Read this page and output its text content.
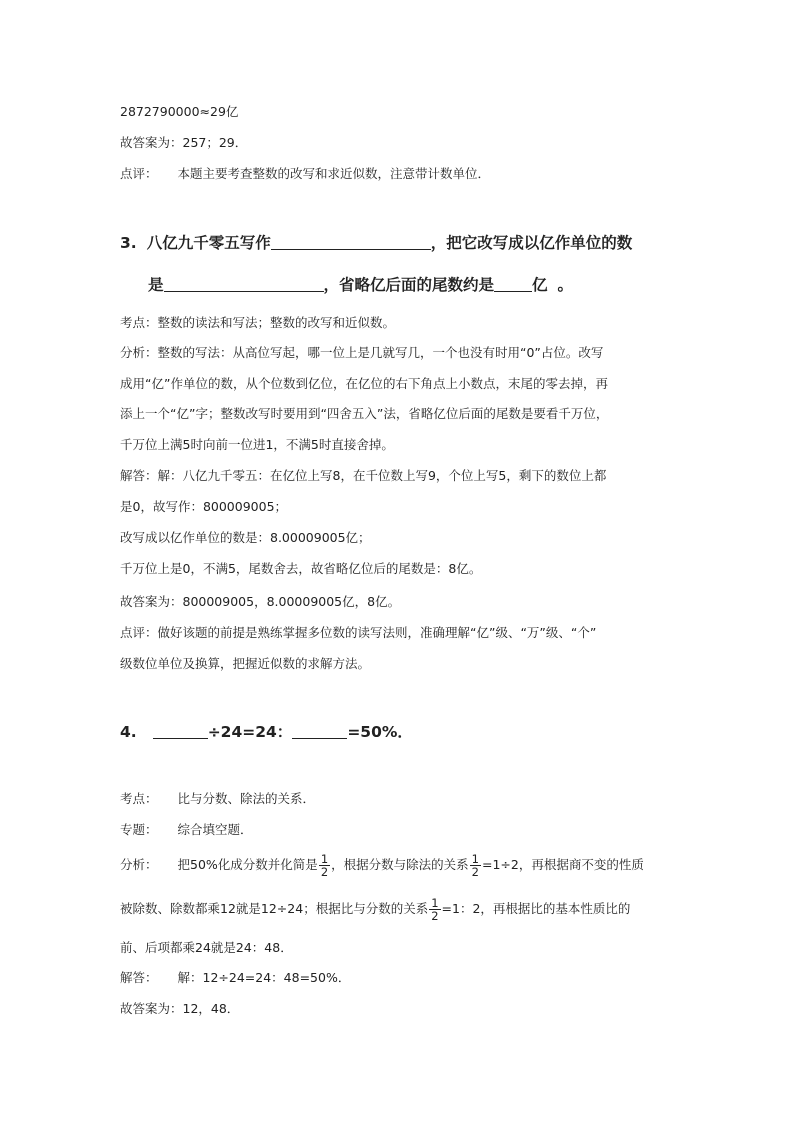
2872790000≈29亿
故答案为：257；29．
点评： 本题主要考查整数的改写和求近似数，注意带计数单位．
3. 八亿九千零五写作	，把它改写成以亿作单位的数
是	，省略亿后面的尾数约是 亿 。
考点：整数的读法和写法；整数的改写和近似数。
分析：整数的写法：从高位写起，哪一位上是几就写几，一个也没有时用“0”占位。改写
成用“亿”作单位的数，从个位数到亿位，在亿位的右下角点上小数点，末尾的零去掉，再
添上一个“亿”字；整数改写时要用到“四舍五入”法，省略亿位后面的尾数是要看千万位，
千万位上满5时向前一位进1，不满5时直接舍掉。
解答：解：八亿九千零五：在亿位上写8，在千位数上写9，个位上写5，剩下的数位上都
是0，故写作：800009005；
改写成以亿作单位的数是：8.00009005亿；
千万位上是0，不满5，尾数舍去，故省略亿位后的尾数是：8亿。
故答案为：800009005，8.00009005亿，8亿。
点评：做好该题的前提是熟练掌握多位数的读写法则，准确理解“亿”级、“万”级、“个”
级数位单位及换算，把握近似数的求解方法。
4.	÷24=24：	=50%．
考点： 比与分数、除法的关系．
专题： 综合填空题．
分析： 把50%化成分数并化简是 $\frac{1}{2}$ ，根据分数与除法的关系 $\frac{1}{2} =1\div 2$，再根据商不变的性质
被除数、除数都乘12就是12÷24；根据比与分数的关系 $\frac{1}{2} =1$：2，再根据比的基本性质比的
前、后项都乘24就是24：48．
解答： 解：12÷24=24：48=50%．
故答案为：12，48．
